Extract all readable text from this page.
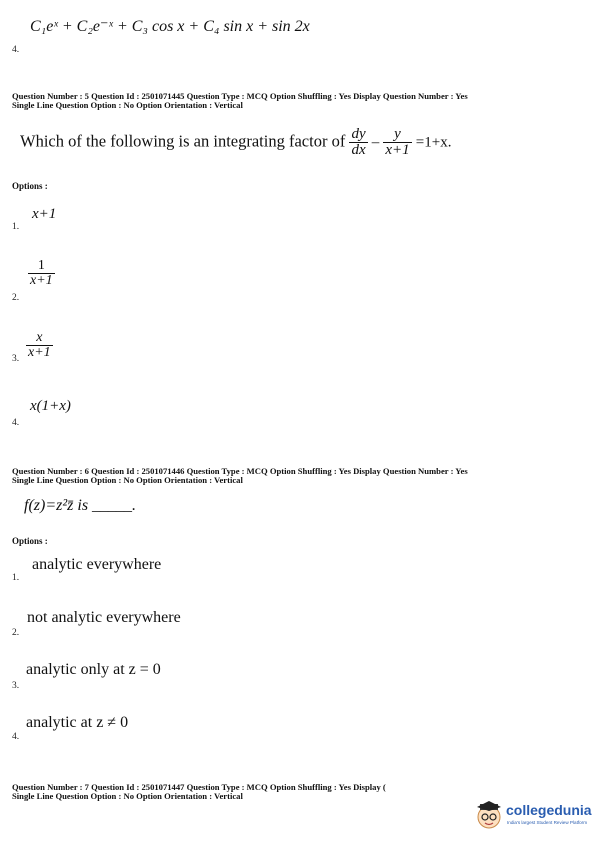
C₁eˣ + C₂e⁻ˣ + C₃ cos x + C₄ sin x + sin 2x
4.
Question Number : 5 Question Id : 2501071445 Question Type : MCQ Option Shuffling : Yes Display Question Number : Yes
Single Line Question Option : No Option Orientation : Vertical
Which of the following is an integrating factor of $\frac{dy}{dx} - \frac{y}{x+1} =1+x$.
Options :
x+1
1.
$\frac{1}{x+1}$
2.
$\frac{x}{x+1}$
3.
x(1+x)
4.
Question Number : 6 Question Id : 2501071446 Question Type : MCQ Option Shuffling : Yes Display Question Number : Yes
Single Line Question Option : No Option Orientation : Vertical
f(z)=z²z̄ is _____.
Options :
analytic everywhere
1.
not analytic everywhere
2.
analytic only at z = 0
3.
analytic at z ≠ 0
4.
Question Number : 7 Question Id : 2501071447 Question Type : MCQ Option Shuffling : Yes Display (
Single Line Question Option : No Option Orientation : Vertical
collegedunia
India's largest Student Review Platform
